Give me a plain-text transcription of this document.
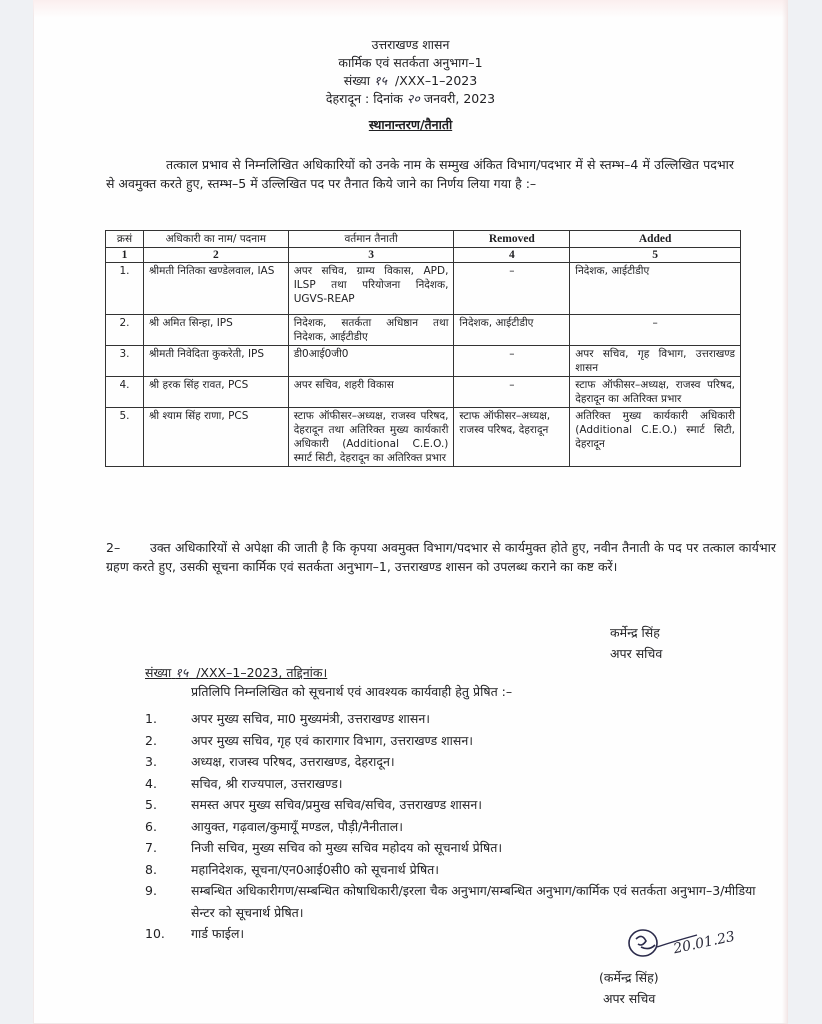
उत्तराखण्ड शासन
कार्मिक एवं सतर्कता अनुभाग–1
संख्या १५ /XXX–1–2023
देहरादून : दिनांक २० जनवरी, 2023
स्थानान्तरण/तैनाती
तत्काल प्रभाव से निम्नलिखित अधिकारियों को उनके नाम के सम्मुख अंकित विभाग/पदभार में से स्तम्भ–4 में उल्लिखित पदभार से अवमुक्त करते हुए, स्तम्भ–5 में उल्लिखित पद पर तैनात किये जाने का निर्णय लिया गया है :–
क्रसं	अधिकारी का नाम/ पदनाम	वर्तमान तैनाती	Removed	Added
1	2	3	4	5
1.	श्रीमती नितिका खण्डेलवाल, IAS	अपर सचिव, ग्राम्य विकास, APD, ILSP तथा परियोजना निदेशक, UGVS-REAP	–	निदेशक, आईटीडीए
2.	श्री अमित सिन्हा, IPS	निदेशक, सतर्कता अधिष्ठान तथा निदेशक, आईटीडीए	निदेशक, आईटीडीए	–
3.	श्रीमती निवेदिता कुकरेती, IPS	डी0आई0जी0	–	अपर सचिव, गृह विभाग, उत्तराखण्ड शासन
4.	श्री हरक सिंह रावत, PCS	अपर सचिव, शहरी विकास	–	स्टाफ ऑफीसर–अध्यक्ष, राजस्व परिषद, देहरादून का अतिरिक्त प्रभार
5.	श्री श्याम सिंह राणा, PCS	स्टाफ ऑफीसर–अध्यक्ष, राजस्व परिषद, देहरादून तथा अतिरिक्त मुख्य कार्यकारी अधिकारी (Additional C.E.O.) स्मार्ट सिटी, देहरादून का अतिरिक्त प्रभार	स्टाफ ऑफीसर–अध्यक्ष, राजस्व परिषद, देहरादून	अतिरिक्त मुख्य कार्यकारी अधिकारी (Additional C.E.O.) स्मार्ट सिटी, देहरादून
2– उक्त अधिकारियों से अपेक्षा की जाती है कि कृपया अवमुक्त विभाग/पदभार से कार्यमुक्त होते हुए, नवीन तैनाती के पद पर तत्काल कार्यभार ग्रहण करते हुए, उसकी सूचना कार्मिक एवं सतर्कता अनुभाग–1, उत्तराखण्ड शासन को उपलब्ध कराने का कष्ट करें।
कर्मेन्द्र सिंह
अपर सचिव
संख्या १५ /XXX–1–2023, तद्दिनांक।
प्रतिलिपि निम्नलिखित को सूचनार्थ एवं आवश्यक कार्यवाही हेतु प्रेषित :–
1.	अपर मुख्य सचिव, मा0 मुख्यमंत्री, उत्तराखण्ड शासन।
2.	अपर मुख्य सचिव, गृह एवं कारागार विभाग, उत्तराखण्ड शासन।
3.	अध्यक्ष, राजस्व परिषद, उत्तराखण्ड, देहरादून।
4.	सचिव, श्री राज्यपाल, उत्तराखण्ड।
5.	समस्त अपर मुख्य सचिव/प्रमुख सचिव/सचिव, उत्तराखण्ड शासन।
6.	आयुक्त, गढ़वाल/कुमायूँ मण्डल, पौड़ी/नैनीताल।
7.	निजी सचिव, मुख्य सचिव को मुख्य सचिव महोदय को सूचनार्थ प्रेषित।
8.	महानिदेशक, सूचना/एन0आई0सी0 को सूचनार्थ प्रेषित।
9.	सम्बन्धित अधिकारीगण/सम्बन्धित कोषाधिकारी/इरला चैक अनुभाग/सम्बन्धित अनुभाग/कार्मिक एवं सतर्कता अनुभाग–3/मीडिया सेन्टर को सूचनार्थ प्रेषित।
10.	गार्ड फाईल।	20.01.23
(कर्मेन्द्र सिंह)
अपर सचिव
